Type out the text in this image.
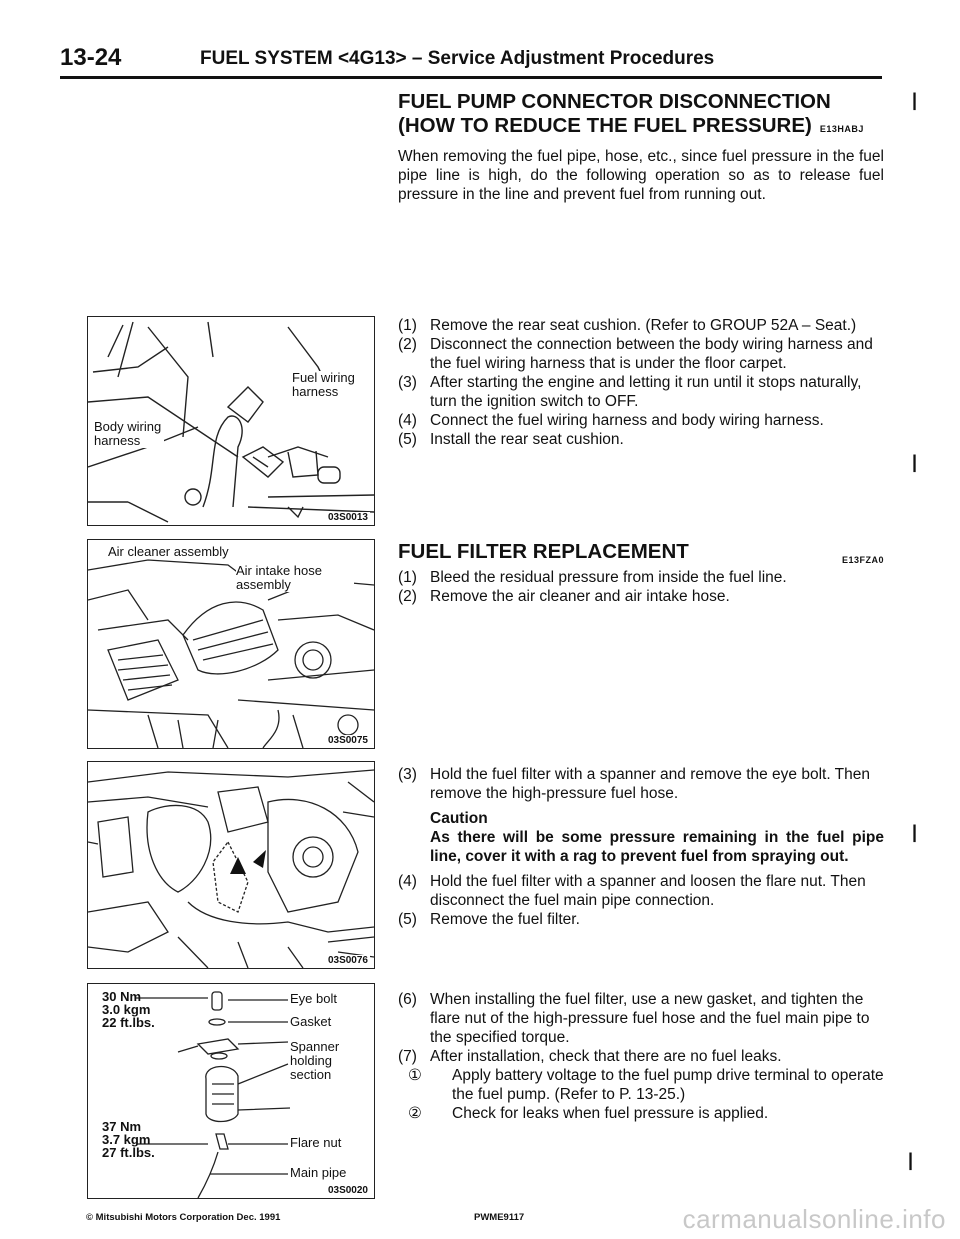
13-24	FUEL SYSTEM <4G13> – Service Adjustment Procedures
Fuel wiring harness
Body wiring harness
03S0013
Air cleaner assembly
Air intake hose assembly
03S0075
03S0076
30 Nm
3.0 kgm
22 ft.lbs.
37 Nm
3.7 kgm
27 ft.lbs.
Eye bolt
Gasket
Spanner holding section
Flare nut
Main pipe
03S0020
FUEL PUMP CONNECTOR DISCONNECTION
(HOW TO REDUCE THE FUEL PRESSURE) E13HABJ
When removing the fuel pipe, hose, etc., since fuel pressure in the fuel pipe line is high, do the following operation so as to release fuel pressure in the line and prevent fuel from running out.
(1) Remove the rear seat cushion. (Refer to GROUP 52A – Seat.)
(2) Disconnect the connection between the body wiring harness and the fuel wiring harness that is under the floor carpet.
(3) After starting the engine and letting it run until it stops naturally, turn the ignition switch to OFF.
(4) Connect the fuel wiring harness and body wiring harness.
(5) Install the rear seat cushion.
FUEL FILTER REPLACEMENT	E13FZA0
(1) Bleed the residual pressure from inside the fuel line.
(2) Remove the air cleaner and air intake hose.
(3) Hold the fuel filter with a spanner and remove the eye bolt. Then remove the high-pressure fuel hose.
Caution
As there will be some pressure remaining in the fuel pipe line, cover it with a rag to prevent fuel from spraying out.
(4) Hold the fuel filter with a spanner and loosen the flare nut. Then disconnect the fuel main pipe connection.
(5) Remove the fuel filter.
(6) When installing the fuel filter, use a new gasket, and tighten the flare nut of the high-pressure fuel hose and the fuel main pipe to the specified torque.
(7) After installation, check that there are no fuel leaks.
① Apply battery voltage to the fuel pump drive terminal to operate the fuel pump. (Refer to P. 13-25.)
② Check for leaks when fuel pressure is applied.
|
|
|
|
© Mitsubishi Motors Corporation Dec. 1991	PWME9117	carmanualsonline.info
